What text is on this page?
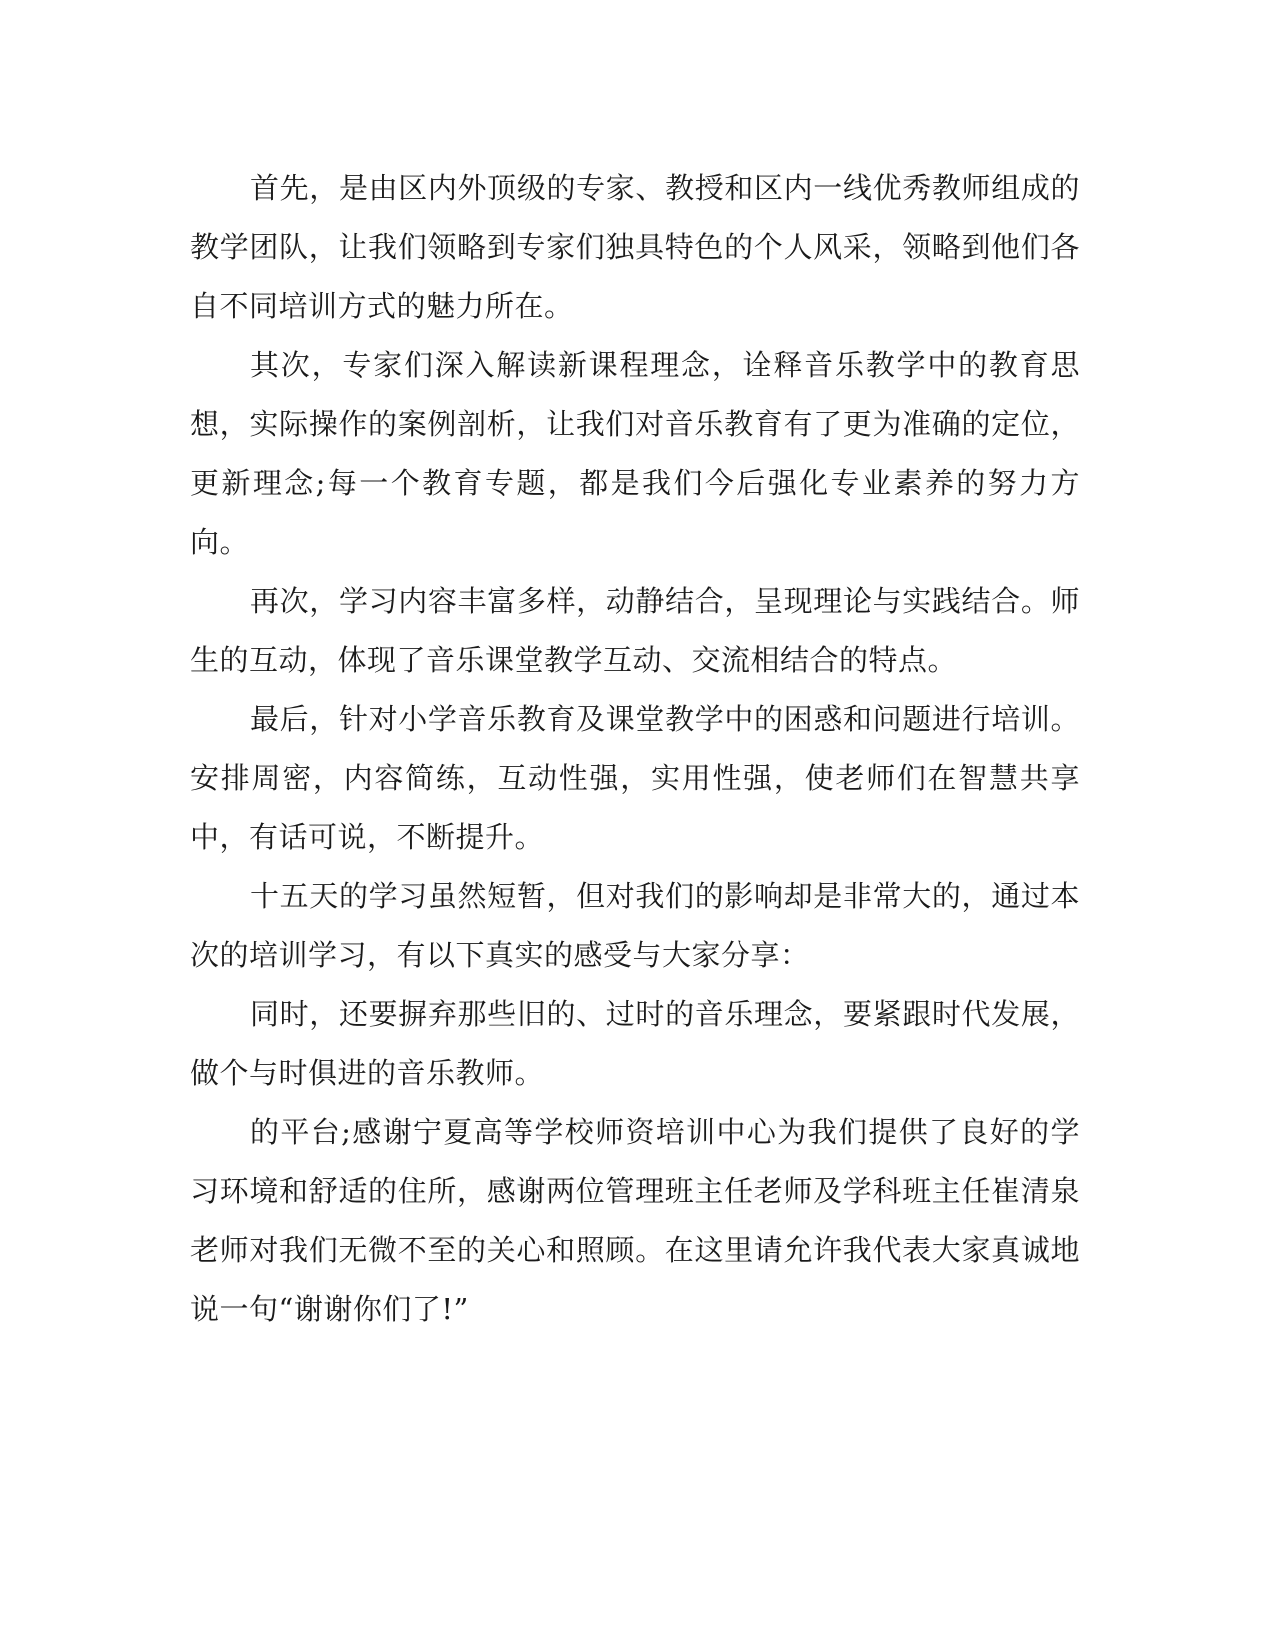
首先，是由区内外顶级的专家、教授和区内一线优秀教师组成的教学团队，让我们领略到专家们独具特色的个人风采，领略到他们各自不同培训方式的魅力所在。

其次，专家们深入解读新课程理念，诠释音乐教学中的教育思想，实际操作的案例剖析，让我们对音乐教育有了更为准确的定位，更新理念;每一个教育专题，都是我们今后强化专业素养的努力方向。

再次，学习内容丰富多样，动静结合，呈现理论与实践结合。师生的互动，体现了音乐课堂教学互动、交流相结合的特点。

最后，针对小学音乐教育及课堂教学中的困惑和问题进行培训。安排周密，内容简练，互动性强，实用性强，使老师们在智慧共享中，有话可说，不断提升。

十五天的学习虽然短暂，但对我们的影响却是非常大的，通过本次的培训学习，有以下真实的感受与大家分享：

同时，还要摒弃那些旧的、过时的音乐理念，要紧跟时代发展，做个与时俱进的音乐教师。

的平台;感谢宁夏高等学校师资培训中心为我们提供了良好的学习环境和舒适的住所，感谢两位管理班主任老师及学科班主任崔清泉老师对我们无微不至的关心和照顾。在这里请允许我代表大家真诚地说一句“谢谢你们了!”
